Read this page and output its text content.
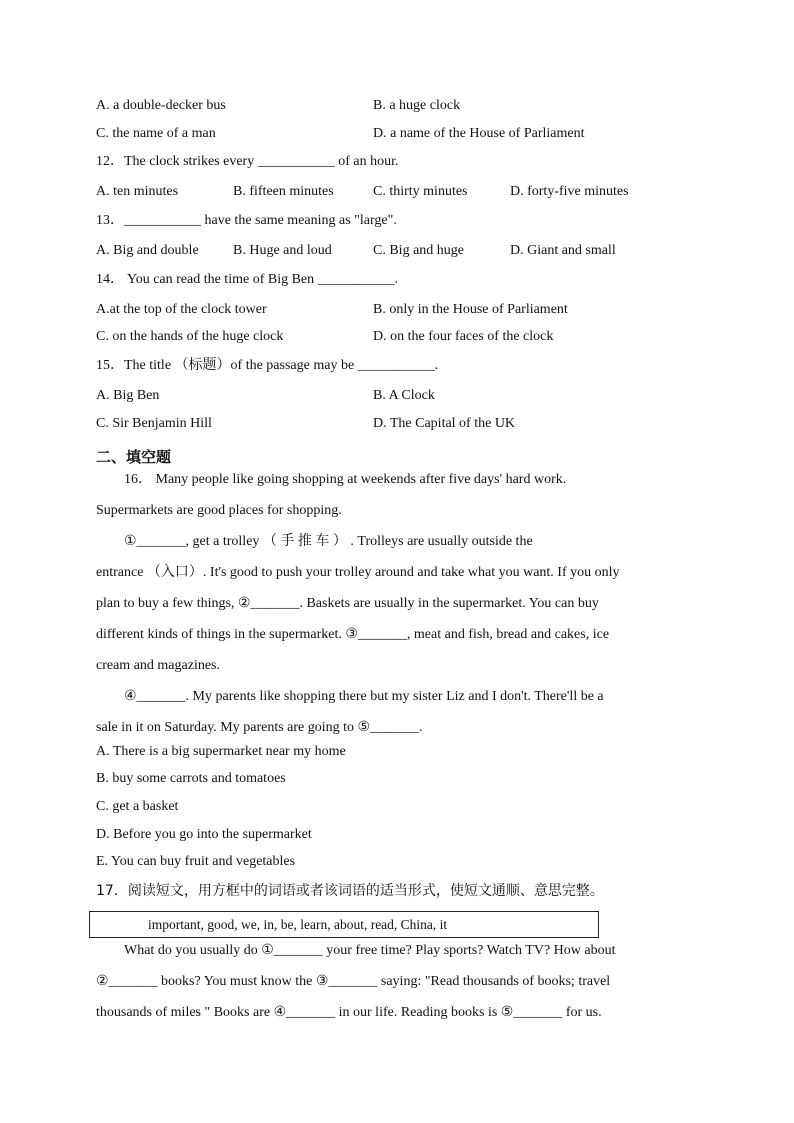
A. a double-decker bus	B. a huge clock
C. the name of a man	D. a name of the House of Parliament
12．The clock strikes every ___________ of an hour.
A. ten minutes	B. fifteen minutes	C. thirty minutes	D. forty-five minutes
13．___________ have the same meaning as "large".
A. Big and double B. Huge and loud	C. Big and huge	D. Giant and small
14． You can read the time of Big Ben ___________.
A.at the top of the clock tower	B. only in the House of Parliament
C. on the hands of the huge clock	D. on the four faces of the clock
15．The title （标题）of the passage may be ___________.
A. Big Ben	B. A Clock
C. Sir Benjamin Hill	D. The Capital of the UK
二、填空题

16． Many people like going shopping at weekends after five days' hard work.

Supermarkets are good places for shopping.

①_______, get a trolley （ 手 推 车 ） . Trolleys are usually outside the

entrance （入口）. It's good to push your trolley around and take what you want. If you only

plan to buy a few things, ②_______. Baskets are usually in the supermarket. You can buy

different kinds of things in the supermarket. ③_______, meat and fish, bread and cakes, ice

cream and magazines.

④_______. My parents like shopping there but my sister Liz and I don't. There'll be a

sale in it on Saturday. My parents are going to ⑤_______.

A. There is a big supermarket near my home
B. buy some carrots and tomatoes
C. get a basket
D. Before you go into the supermarket
E. You can buy fruit and vegetables
17．阅读短文，用方框中的词语或者该词语的适当形式，使短文通顺、意思完整。
important, good, we, in, be, learn, about, read, China, it

What do you usually do ①_______ your free time? Play sports? Watch TV? How about

②_______ books? You must know the ③_______ saying: "Read thousands of books; travel

thousands of miles " Books are ④_______ in our life. Reading books is ⑤_______ for us.
